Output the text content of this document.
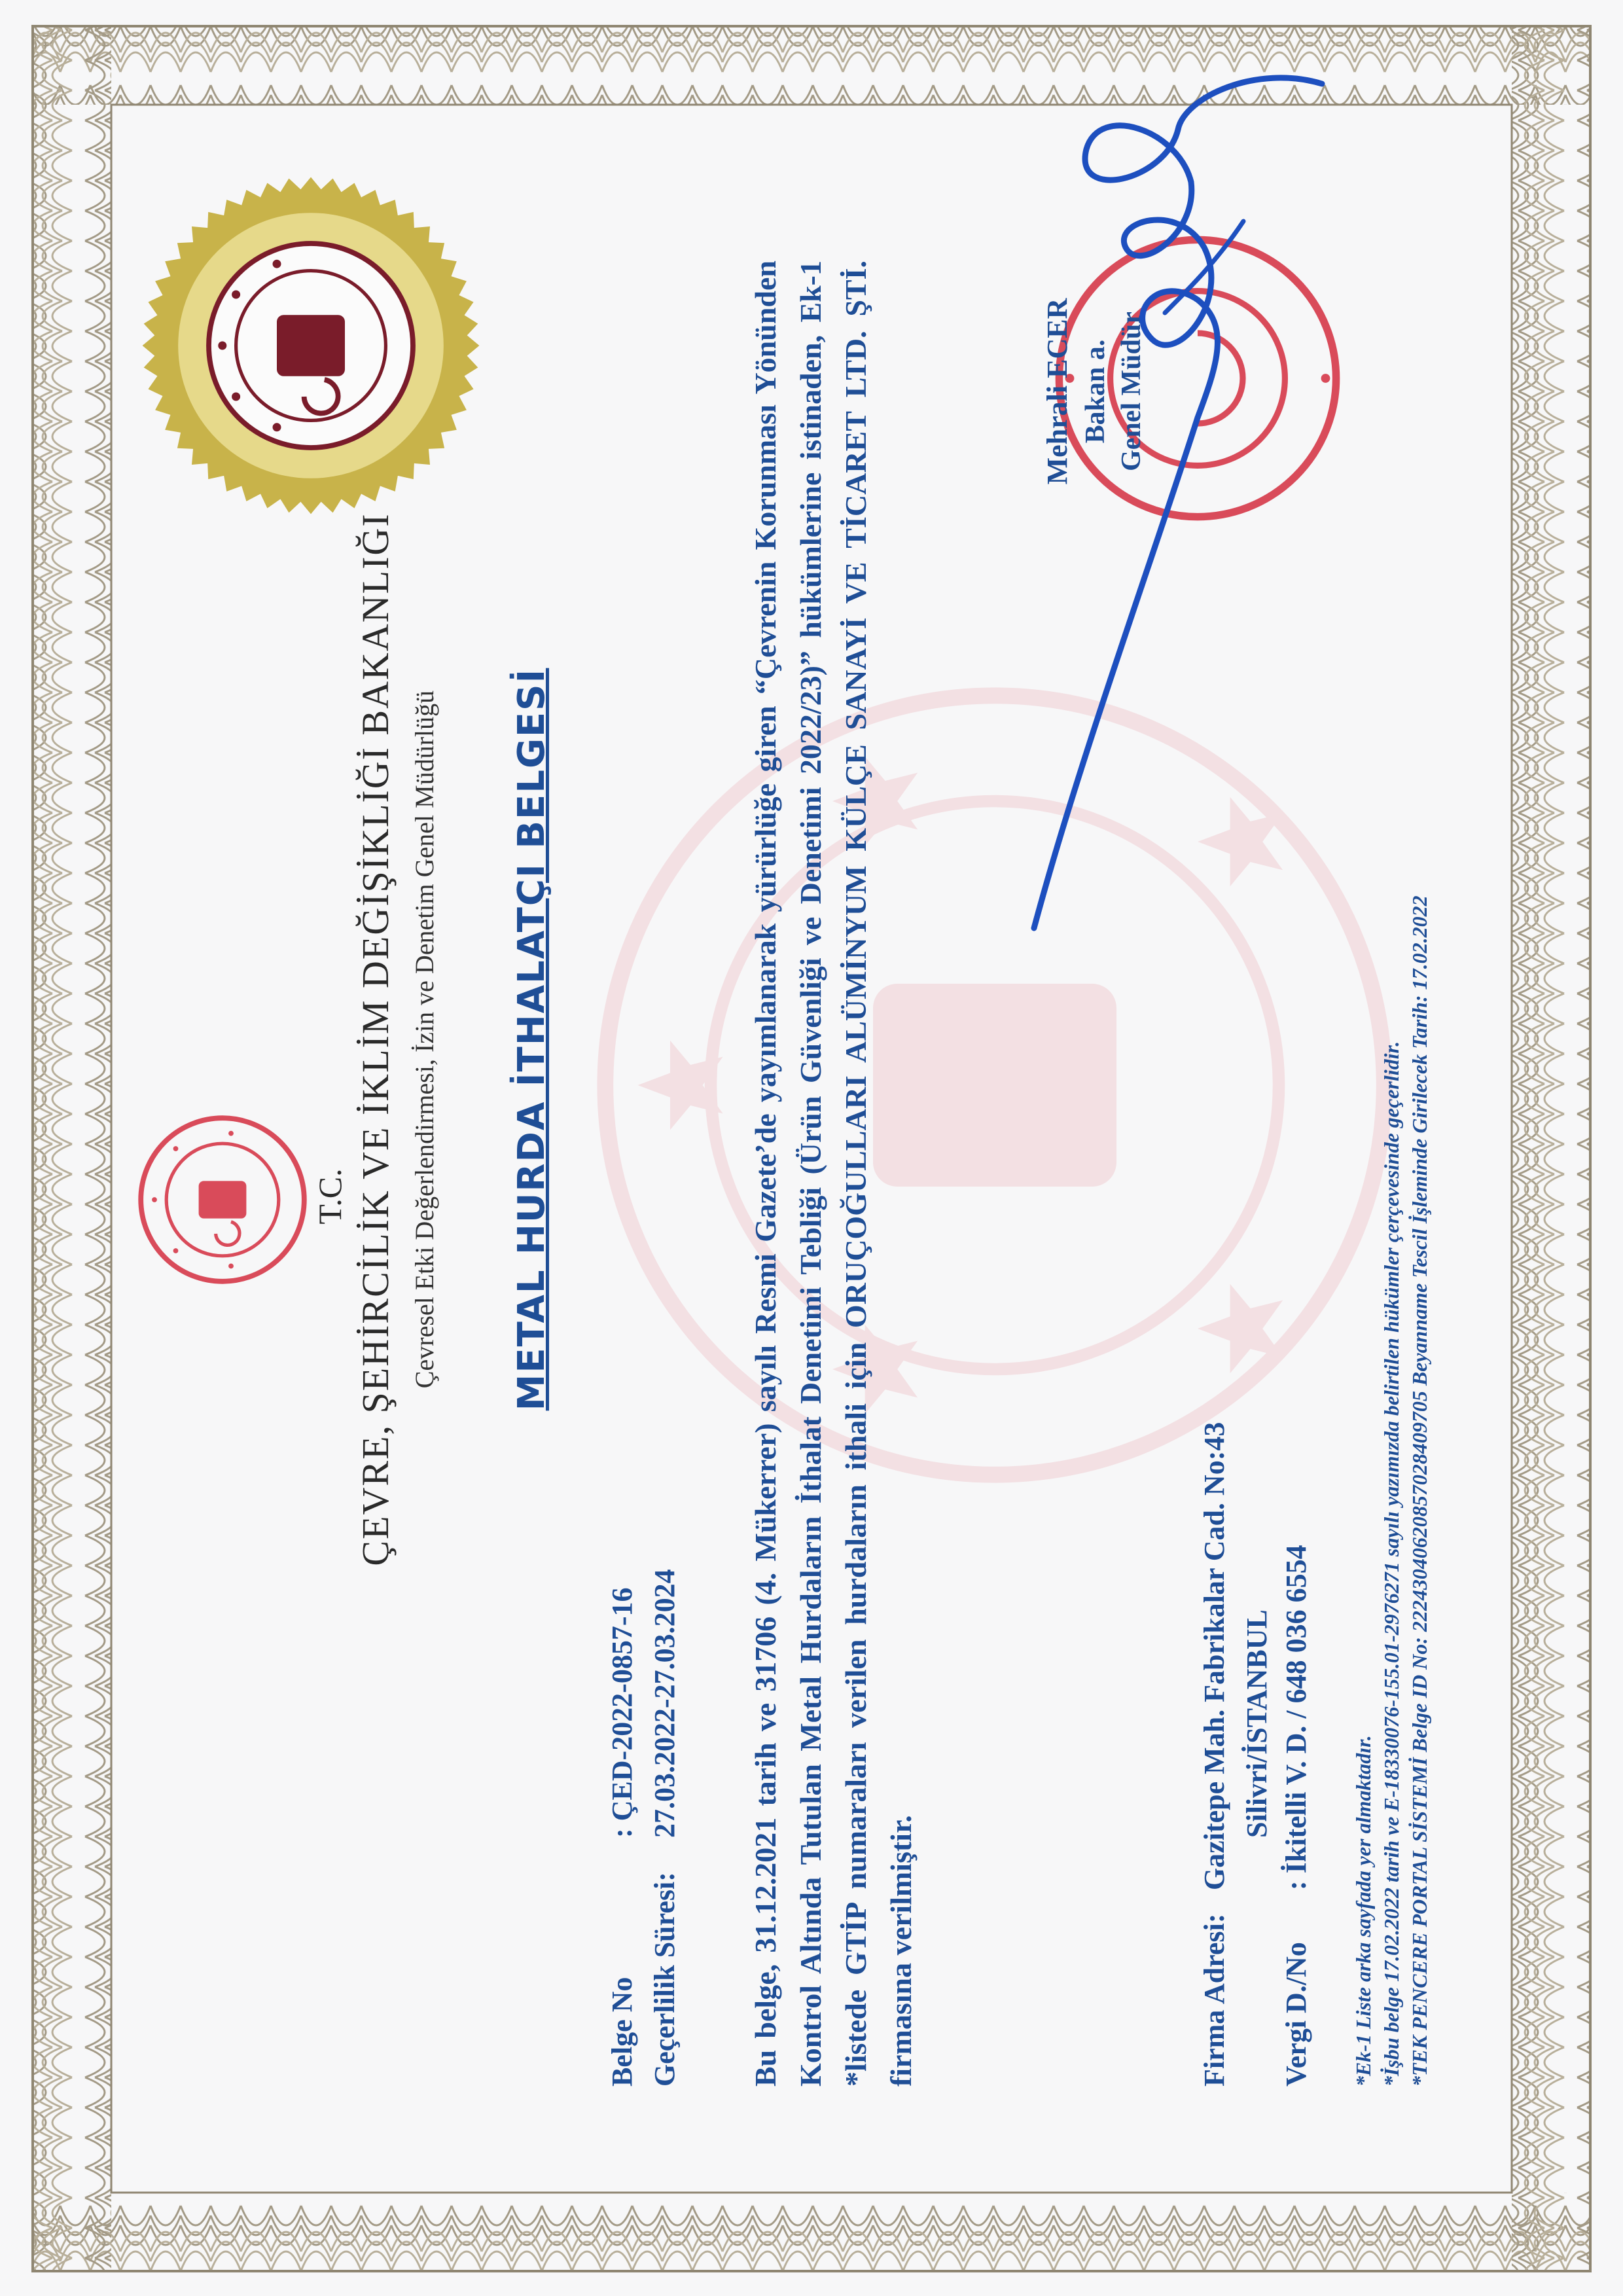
T.C. ÇEVRE, ŞEHİRCİLİK VE İKLİM DEĞİŞİKLİĞİ BAKANLIĞI Çevresel Etki Değerlendirmesi, İzin ve Denetim Genel Müdürlüğü METAL HURDA İTHALATÇI BELGESİ
Belge No
: ÇED-2022-0857-16
Geçerlilik Süresi:
27.03.2022-27.03.2024 Bu belge, 31.12.2021 tarih ve 31706 (4. Mükerrer) sayılı Resmi Gazete’de yayımlanarak yürürlüğe giren “Çevrenin Korunması Yönünden Kontrol Altında Tutulan Metal Hurdaların İthalat Denetimi Tebliği (Ürün Güvenliği ve Denetimi 2022/23)” hükümlerine istinaden, Ek-1 *listede GTİP numaraları verilen hurdaların ithali için ORUÇOĞULLARI ALÜMİNYUM KÜLÇE SANAYİ VE TİCARET LTD. ŞTİ. firmasına verilmiştir.
Mehrali ECER Bakan a. Genel Müdür
Firma Adresi:
Gazitepe Mah. Fabrikalar Cad. No:43 Silivri/İSTANBUL
Vergi D./No
: İkitelli V. D. / 648 036 6554
*Ek-1 Liste arka sayfada yer almaktadır. *İşbu belge 17.02.2022 tarih ve E-18330076-155.01-2976271 sayılı yazımızda belirtilen hükümler çerçevesinde geçerlidir. *TEK PENCERE PORTAL SİSTEMİ Belge ID No: 22243040620857028409705 Beyanname Tescil İşleminde Girilecek Tarih: 17.02.2022
